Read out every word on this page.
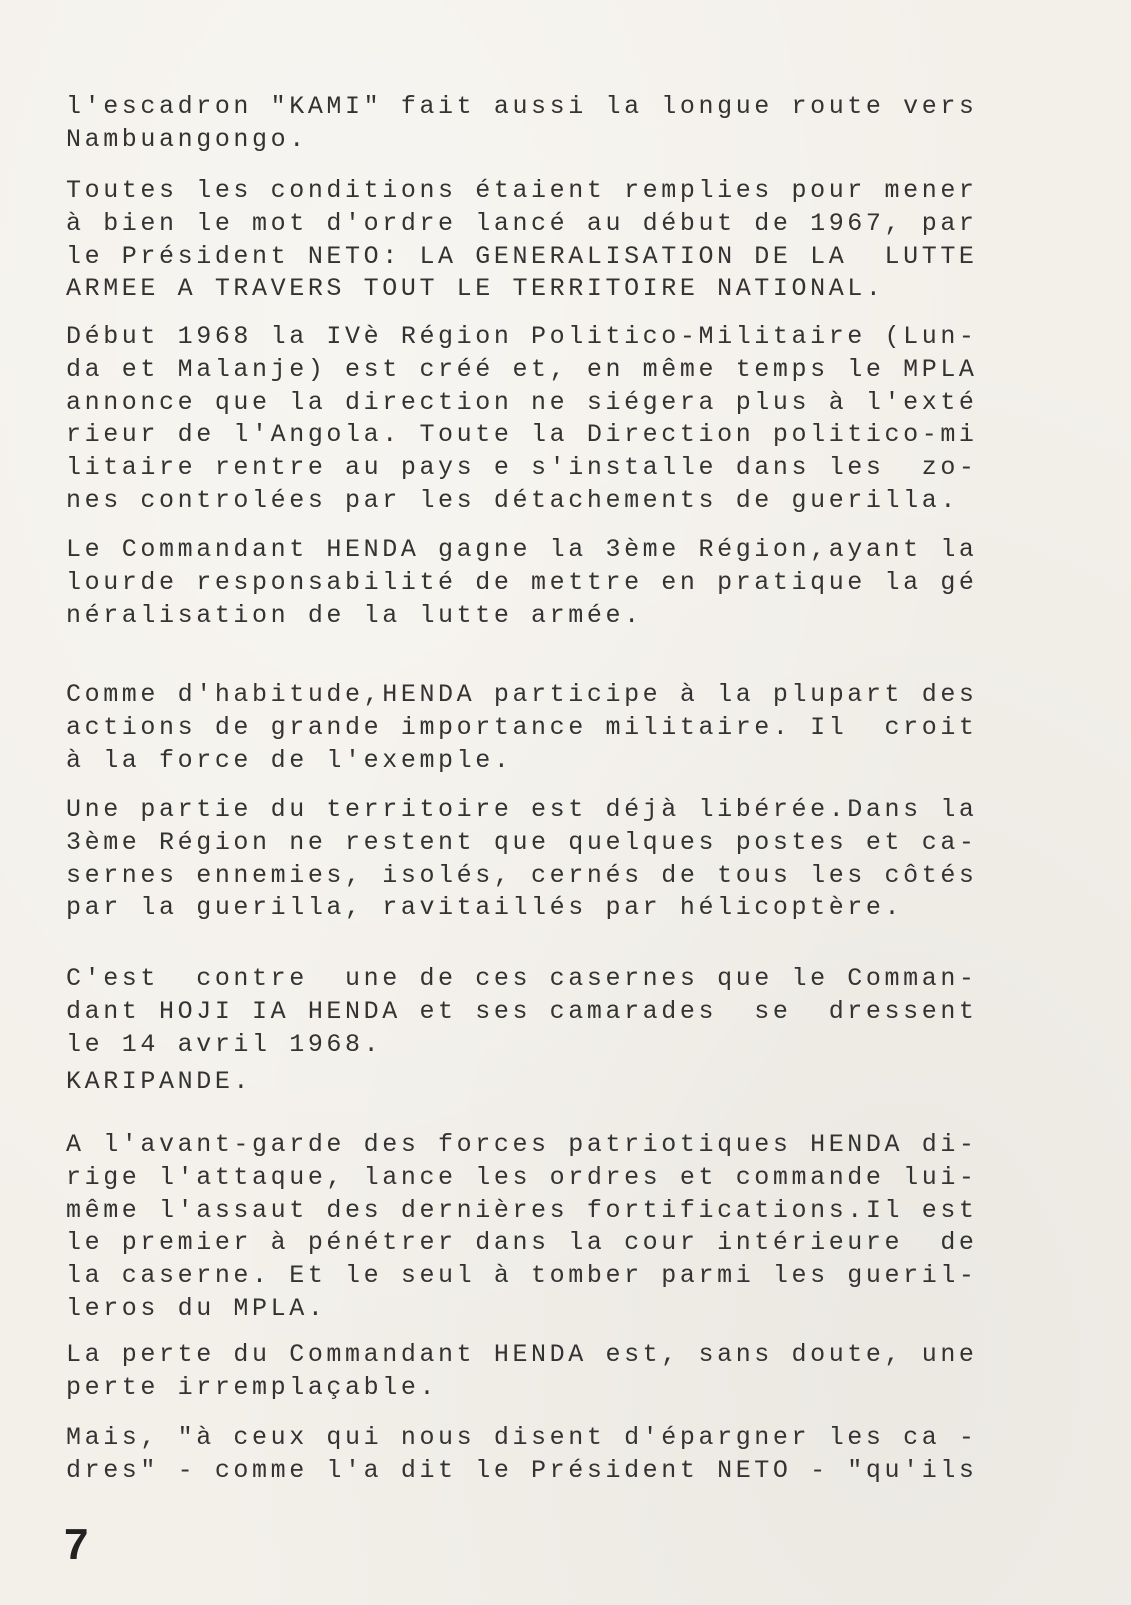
l'escadron "KAMI" fait aussi la longue route vers
Nambuangongo.
Toutes les conditions étaient remplies pour mener
à bien le mot d'ordre lancé au début de 1967, par
le Président NETO: LA GENERALISATION DE LA  LUTTE
ARMEE A TRAVERS TOUT LE TERRITOIRE NATIONAL.
Début 1968 la IVè Région Politico-Militaire (Lun-
da et Malanje) est créé et, en même temps le MPLA
annonce que la direction ne siégera plus à l'exté
rieur de l'Angola. Toute la Direction politico-mi
litaire rentre au pays e s'installe dans les  zo-
nes controlées par les détachements de guerilla.
Le Commandant HENDA gagne la 3ème Région,ayant la
lourde responsabilité de mettre en pratique la gé
néralisation de la lutte armée.
Comme d'habitude,HENDA participe à la plupart des
actions de grande importance militaire. Il  croit
à la force de l'exemple.
Une partie du territoire est déjà libérée.Dans la
3ème Région ne restent que quelques postes et ca-
sernes ennemies, isolés, cernés de tous les côtés
par la guerilla, ravitaillés par hélicoptère.
C'est  contre  une de ces casernes que le Comman-
dant HOJI IA HENDA et ses camarades  se  dressent
le 14 avril 1968.
KARIPANDE.
A l'avant-garde des forces patriotiques HENDA di-
rige l'attaque, lance les ordres et commande lui-
même l'assaut des dernières fortifications.Il est
le premier à pénétrer dans la cour intérieure  de
la caserne. Et le seul à tomber parmi les gueril-
leros du MPLA.
La perte du Commandant HENDA est, sans doute, une
perte irremplaçable.
Mais, "à ceux qui nous disent d'épargner les ca -
dres" - comme l'a dit le Président NETO - "qu'ils
7
